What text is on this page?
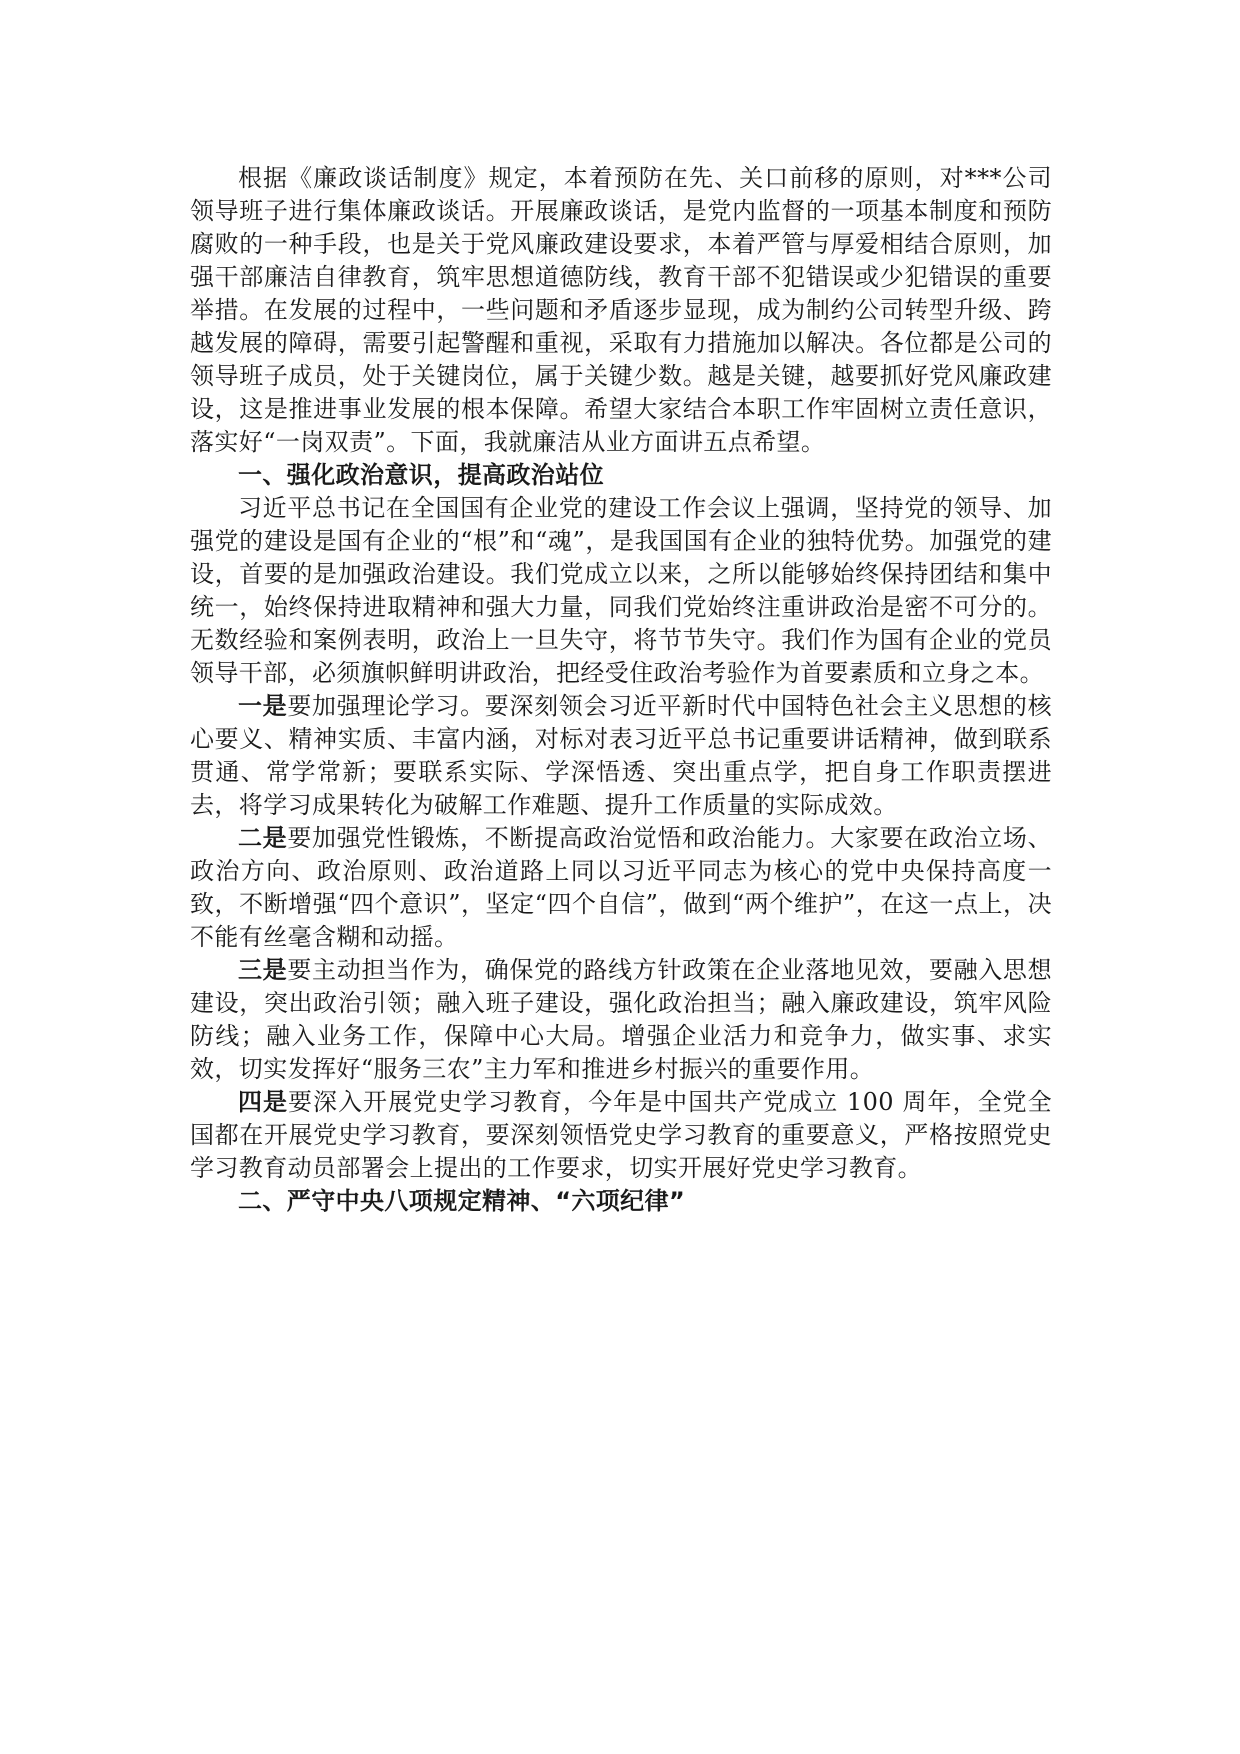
根据《廉政谈话制度》规定，本着预防在先、关口前移的原则，对***公司领导班子进行集体廉政谈话。开展廉政谈话，是党内监督的一项基本制度和预防腐败的一种手段，也是关于党风廉政建设要求，本着严管与厚爱相结合原则，加强干部廉洁自律教育，筑牢思想道德防线，教育干部不犯错误或少犯错误的重要举措。在发展的过程中，一些问题和矛盾逐步显现，成为制约公司转型升级、跨越发展的障碍，需要引起警醒和重视，采取有力措施加以解决。各位都是公司的领导班子成员，处于关键岗位，属于关键少数。越是关键，越要抓好党风廉政建设，这是推进事业发展的根本保障。希望大家结合本职工作牢固树立责任意识，落实好“一岗双责”。下面，我就廉洁从业方面讲五点希望。

一、强化政治意识，提高政治站位

习近平总书记在全国国有企业党的建设工作会议上强调，坚持党的领导、加强党的建设是国有企业的“根”和“魂”，是我国国有企业的独特优势。加强党的建设，首要的是加强政治建设。我们党成立以来，之所以能够始终保持团结和集中统一，始终保持进取精神和强大力量，同我们党始终注重讲政治是密不可分的。无数经验和案例表明，政治上一旦失守，将节节失守。我们作为国有企业的党员领导干部，必须旗帜鲜明讲政治，把经受住政治考验作为首要素质和立身之本。

一是要加强理论学习。要深刻领会习近平新时代中国特色社会主义思想的核心要义、精神实质、丰富内涵，对标对表习近平总书记重要讲话精神，做到联系贯通、常学常新；要联系实际、学深悟透、突出重点学，把自身工作职责摆进去，将学习成果转化为破解工作难题、提升工作质量的实际成效。

二是要加强党性锻炼，不断提高政治觉悟和政治能力。大家要在政治立场、政治方向、政治原则、政治道路上同以习近平同志为核心的党中央保持高度一致，不断增强“四个意识”，坚定“四个自信”，做到“两个维护”，在这一点上，决不能有丝毫含糊和动摇。

三是要主动担当作为，确保党的路线方针政策在企业落地见效，要融入思想建设，突出政治引领；融入班子建设，强化政治担当；融入廉政建设，筑牢风险防线；融入业务工作，保障中心大局。增强企业活力和竞争力，做实事、求实效，切实发挥好“服务三农”主力军和推进乡村振兴的重要作用。

四是要深入开展党史学习教育，今年是中国共产党成立 100 周年，全党全国都在开展党史学习教育，要深刻领悟党史学习教育的重要意义，严格按照党史学习教育动员部署会上提出的工作要求，切实开展好党史学习教育。

二、严守中央八项规定精神、“六项纪律”
